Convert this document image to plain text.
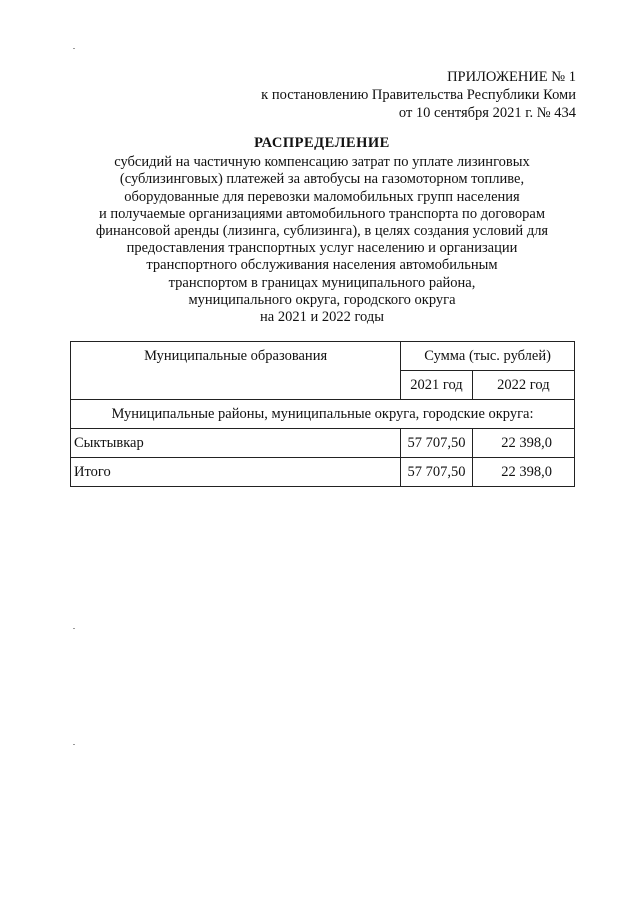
ПРИЛОЖЕНИЕ № 1
к постановлению Правительства Республики Коми
от 10 сентября 2021 г. № 434
РАСПРЕДЕЛЕНИЕ
субсидий на частичную компенсацию затрат по уплате лизинговых
(сублизинговых) платежей за автобусы на газомоторном топливе,
оборудованные для перевозки маломобильных групп населения
и получаемые организациями автомобильного транспорта по договорам
финансовой аренды (лизинга, сублизинга), в целях создания условий для
предоставления транспортных услуг населению и организации
транспортного обслуживания населения автомобильным
транспортом в границах муниципального района,
муниципального округа, городского округа
на 2021 и 2022 годы
Муниципальные образования	Сумма (тыс. рублей)	
	2021 год	2022 год
Муниципальные районы, муниципальные округа, городские округа:		
Сыктывкар	57 707,50	22 398,0
Итого	57 707,50	22 398,0
